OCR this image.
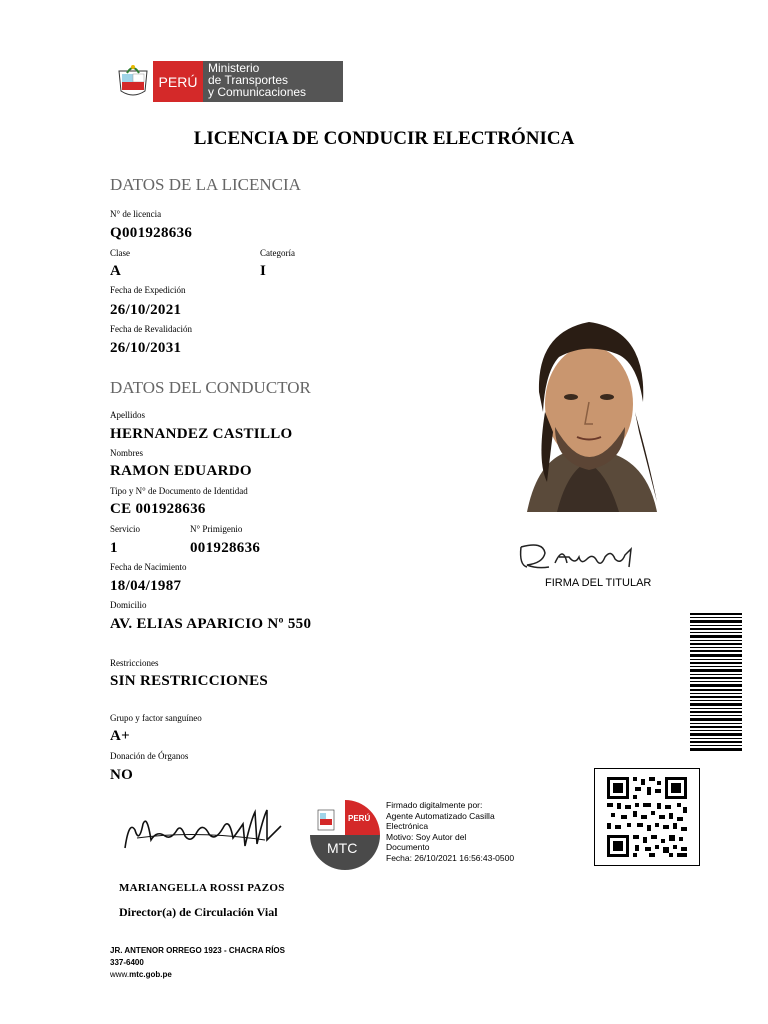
PERÚ
Ministerio
de Transportes
y Comunicaciones
LICENCIA DE CONDUCIR ELECTRÓNICA
DATOS DE LA LICENCIA
N° de licencia
Q001928636
Clase
A
Categoría
I
Fecha de Expedición
26/10/2021
Fecha de Revalidación
26/10/2031
DATOS DEL CONDUCTOR
Apellidos
HERNANDEZ CASTILLO
Nombres
RAMON EDUARDO
Tipo y N° de Documento de Identidad
CE 001928636
Servicio
1
N° Primigenio
001928636
Fecha de Nacimiento
18/04/1987
Domicilio
AV. ELIAS APARICIO Nº 550
Restricciones
SIN RESTRICCIONES
Grupo y factor sanguíneo
A+
Donación de Órganos
NO
FIRMA DEL TITULAR
MARIANGELLA ROSSI PAZOS
Director(a) de Circulación Vial
PERÚ
MTC
Firmado digitalmente por:
Agente Automatizado Casilla
Electrónica
Motivo: Soy Autor del
Documento
Fecha: 26/10/2021 16:56:43-0500
JR. ANTENOR ORREGO 1923 - CHACRA RÍOS
337-6400
www.mtc.gob.pe
